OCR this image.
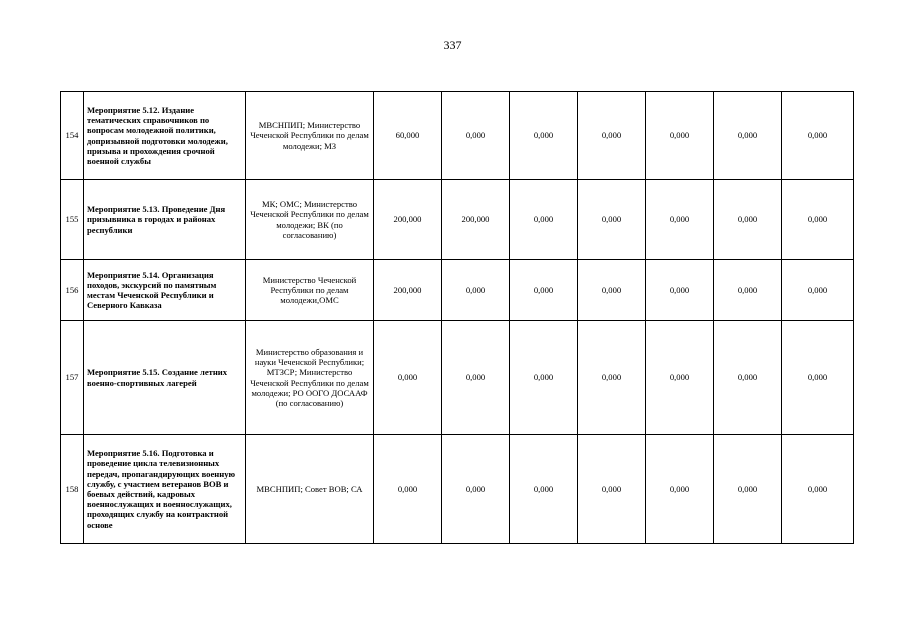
337
154	Мероприятие 5.12. Издание тематических справочников по вопросам молодежной политики, допризывной подготовки молодежи, призыва и прохождения срочной военной службы	МВСНПИП; Министерство Чеченской Республики по делам молодежи; МЗ	60,000	0,000	0,000	0,000	0,000	0,000	0,000
155	Мероприятие 5.13. Проведение Дня призывника в городах и районах республики	МК; ОМС; Министерство Чеченской Республики по делам молодежи; ВК (по согласованию)	200,000	200,000	0,000	0,000	0,000	0,000	0,000
156	Мероприятие 5.14. Организация походов, экскурсий по памятным местам Чеченской Республики и Северного Кавказа	Министерство Чеченской Республики по делам молодежи,ОМС	200,000	0,000	0,000	0,000	0,000	0,000	0,000
157	Мероприятие 5.15. Создание летних военно-спортивных лагерей	Министерство образования и науки Чеченской Республики; МТЗСР; Министерство Чеченской Республики по делам молодежи; РО ООГО ДОСААФ (по согласованию)	0,000	0,000	0,000	0,000	0,000	0,000	0,000
158	Мероприятие 5.16. Подготовка и проведение цикла телевизионных передач, пропагандирующих военную службу, с участием ветеранов ВОВ и боевых действий, кадровых военнослужащих и военнослужащих, проходящих службу на контрактной основе	МВСНПИП; Совет ВОВ; СА	0,000	0,000	0,000	0,000	0,000	0,000	0,000
